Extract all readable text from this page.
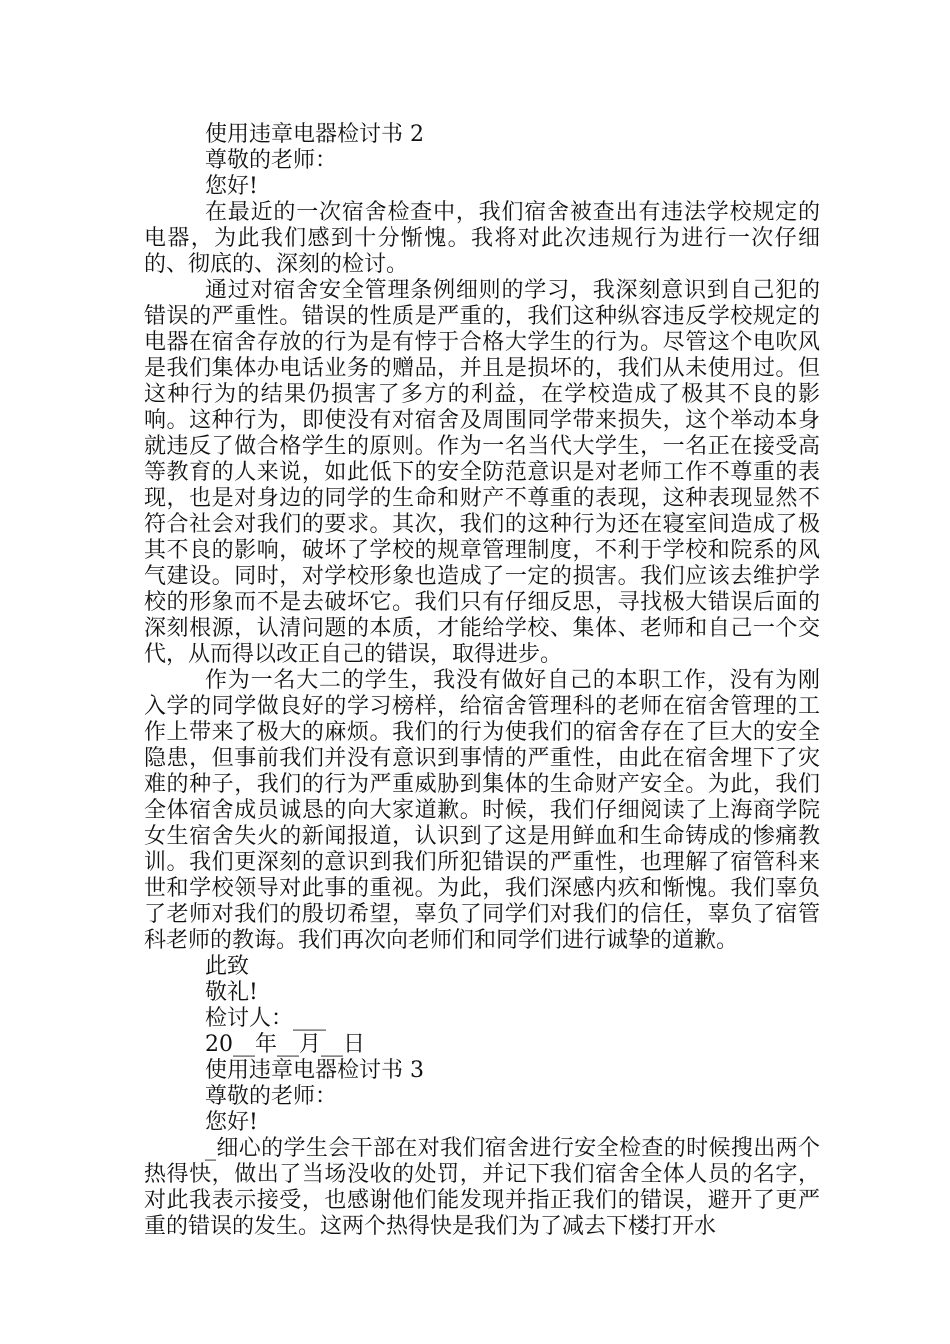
使用违章电器检讨书 2

尊敬的老师：

您好!

在最近的一次宿舍检查中，我们宿舍被查出有违法学校规定的电器，为此我们感到十分惭愧。我将对此次违规行为进行一次仔细的、彻底的、深刻的检讨。

通过对宿舍安全管理条例细则的学习，我深刻意识到自己犯的错误的严重性。错误的性质是严重的，我们这种纵容违反学校规定的电器在宿舍存放的行为是有悖于合格大学生的行为。尽管这个电吹风是我们集体办电话业务的赠品，并且是损坏的，我们从未使用过。但这种行为的结果仍损害了多方的利益，在学校造成了极其不良的影响。这种行为，即使没有对宿舍及周围同学带来损失，这个举动本身就违反了做合格学生的原则。作为一名当代大学生，一名正在接受高等教育的人来说，如此低下的安全防范意识是对老师工作不尊重的表现，也是对身边的同学的生命和财产不尊重的表现，这种表现显然不符合社会对我们的要求。其次，我们的这种行为还在寝室间造成了极其不良的影响，破坏了学校的规章管理制度，不利于学校和院系的风气建设。同时，对学校形象也造成了一定的损害。我们应该去维护学校的形象而不是去破坏它。我们只有仔细反思，寻找极大错误后面的深刻根源，认清问题的本质，才能给学校、集体、老师和自己一个交代，从而得以改正自己的错误，取得进步。

作为一名大二的学生，我没有做好自己的本职工作，没有为刚入学的同学做良好的学习榜样，给宿舍管理科的老师在宿舍管理的工作上带来了极大的麻烦。我们的行为使我们的宿舍存在了巨大的安全隐患，但事前我们并没有意识到事情的严重性，由此在宿舍埋下了灾难的种子，我们的行为严重威胁到集体的生命财产安全。为此，我们全体宿舍成员诚恳的向大家道歉。时候，我们仔细阅读了上海商学院女生宿舍失火的新闻报道，认识到了这是用鲜血和生命铸成的惨痛教训。我们更深刻的意识到我们所犯错误的严重性，也理解了宿管科来世和学校领导对此事的重视。为此，我们深感内疚和惭愧。我们辜负了老师对我们的殷切希望，辜负了同学们对我们的信任，辜负了宿管科老师的教诲。我们再次向老师们和同学们进行诚挚的道歉。

此致

敬礼!

检讨人：___

20__年__月__日

使用违章电器检讨书 3

尊敬的老师：

您好!

_细心的学生会干部在对我们宿舍进行安全检查的时候搜出两个热得快，做出了当场没收的处罚，并记下我们宿舍全体人员的名字，对此我表示接受，也感谢他们能发现并指正我们的错误，避开了更严重的错误的发生。这两个热得快是我们为了减去下楼打开水
